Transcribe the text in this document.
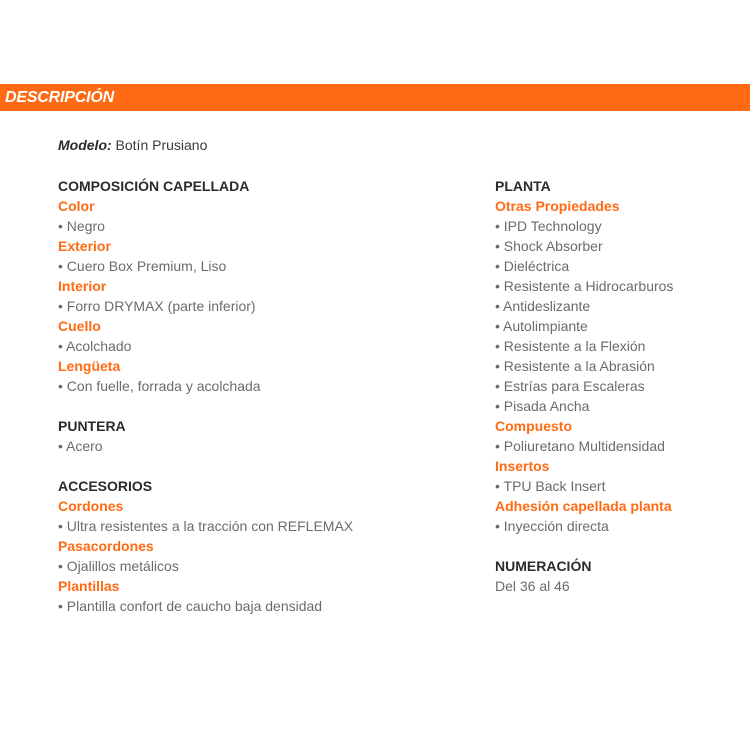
DESCRIPCIÓN
Modelo: Botín Prusiano
COMPOSICIÓN CAPELLADA
Color
• Negro
Exterior
• Cuero Box Premium, Liso
Interior
• Forro DRYMAX (parte inferior)
Cuello
• Acolchado
Lengüeta
• Con fuelle, forrada y acolchada
PUNTERA
• Acero
ACCESORIOS
Cordones
• Ultra resistentes a la tracción con REFLEMAX
Pasacordones
• Ojalillos metálicos
Plantillas
• Plantilla confort de caucho baja densidad
PLANTA
Otras Propiedades
• IPD Technology
• Shock Absorber
• Dieléctrica
• Resistente a Hidrocarburos
• Antideslizante
• Autolimpiante
• Resistente a la Flexión
• Resistente a la Abrasión
• Estrías para Escaleras
• Pisada Ancha
Compuesto
• Poliuretano Multidensidad
Insertos
• TPU Back Insert
Adhesión capellada planta
• Inyección directa
NUMERACIÓN
Del 36 al 46
